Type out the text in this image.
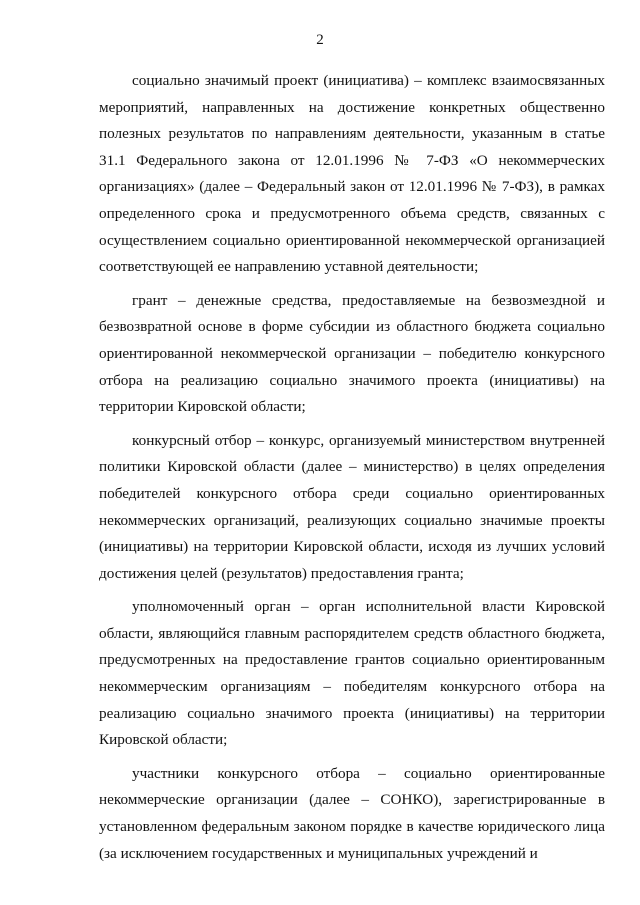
2

социально значимый проект (инициатива) – комплекс взаимосвязанных мероприятий, направленных на достижение конкретных общественно полезных результатов по направлениям деятельности, указанным в статье 31.1 Федерального закона от 12.01.1996 № 7-ФЗ «О некоммерческих организациях» (далее – Федеральный закон от 12.01.1996 № 7-ФЗ), в рамках определенного срока и предусмотренного объема средств, связанных с осуществлением социально ориентированной некоммерческой организацией соответствующей ее направлению уставной деятельности;

грант – денежные средства, предоставляемые на безвозмездной и безвозвратной основе в форме субсидии из областного бюджета социально ориентированной некоммерческой организации – победителю конкурсного отбора на реализацию социально значимого проекта (инициативы) на территории Кировской области;

конкурсный отбор – конкурс, организуемый министерством внутренней политики Кировской области (далее – министерство) в целях определения победителей конкурсного отбора среди социально ориентированных некоммерческих организаций, реализующих социально значимые проекты (инициативы) на территории Кировской области, исходя из лучших условий достижения целей (результатов) предоставления гранта;

уполномоченный орган – орган исполнительной власти Кировской области, являющийся главным распорядителем средств областного бюджета, предусмотренных на предоставление грантов социально ориентированным некоммерческим организациям – победителям конкурсного отбора на реализацию социально значимого проекта (инициативы) на территории Кировской области;

участники конкурсного отбора – социально ориентированные некоммерческие организации (далее – СОНКО), зарегистрированные в установленном федеральным законом порядке в качестве юридического лица (за исключением государственных и муниципальных учреждений и
